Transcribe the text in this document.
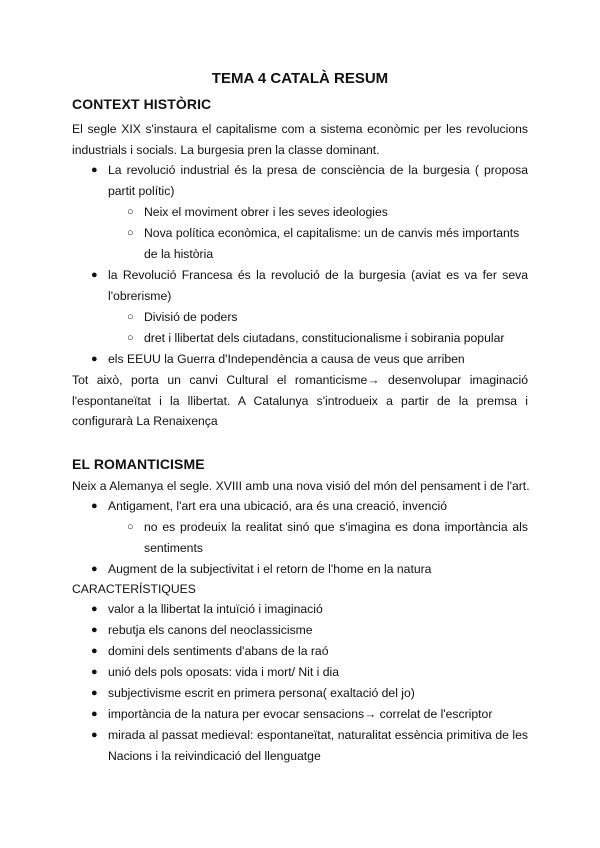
TEMA 4 CATALÀ RESUM
CONTEXT HISTÒRIC

El segle XIX s'instaura el capitalisme com a sistema econòmic per les revolucions industrials i socials. La burgesia pren la classe dominant.

● La revolució industrial és la presa de consciència de la burgesia ( proposa partit polític)
○ Neix el moviment obrer i les seves ideologies
○ Nova política econòmica, el capitalisme: un de canvis més importants de la història
● la Revolució Francesa és la revolució de la burgesia (aviat es va fer seva l'obrerisme)
○ Divisió de poders
○ dret i llibertat dels ciutadans, constitucionalisme i sobirania popular
● els EEUU la Guerra d'Independència a causa de veus que arriben

Tot això, porta un canvi Cultural el romanticisme→ desenvolupar imaginació l'espontaneïtat i la llibertat. A Catalunya s'introdueix a partir de la premsa i configurarà La Renaixença

EL ROMANTICISME

Neix a Alemanya el segle. XVIII amb una nova visió del món del pensament i de l'art.

● Antigament, l'art era una ubicació, ara és una creació, invenció
○ no es prodeuix la realitat sinó que s'imagina es dona importància als sentiments
● Augment de la subjectivitat i el retorn de l'home en la natura

CARACTERÍSTIQUES

● valor a la llibertat la intuïció i imaginació
● rebutja els canons del neoclassicisme
● domini dels sentiments d'abans de la raó
● unió dels pols oposats: vida i mort/ Nit i dia
● subjectivisme escrit en primera persona( exaltació del jo)
● importància de la natura per evocar sensacions→ correlat de l'escriptor
● mirada al passat medieval: espontaneïtat, naturalitat essència primitiva de les Nacions i la reivindicació del llenguatge
